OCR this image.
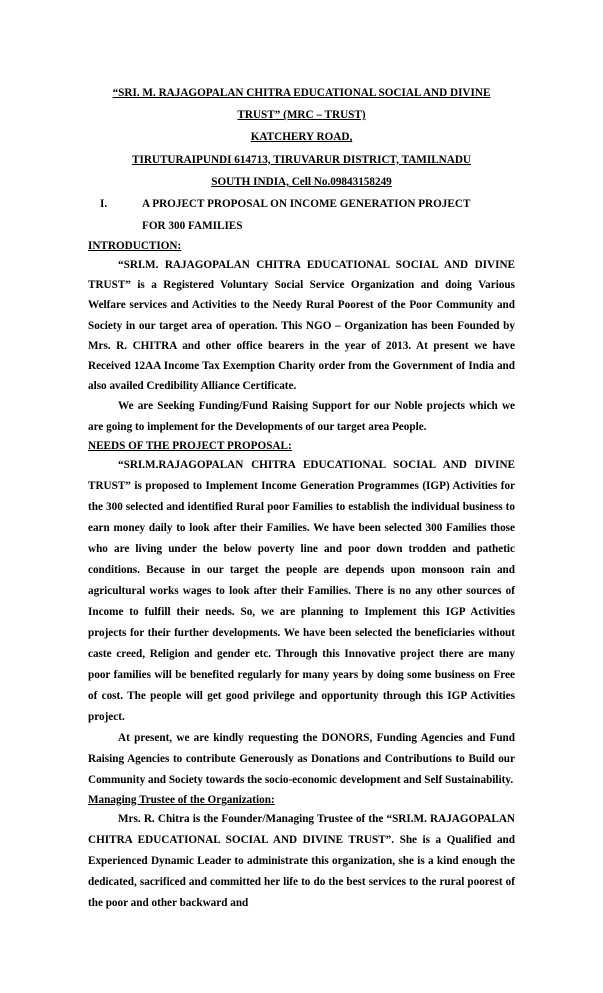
“SRI. M. RAJAGOPALAN CHITRA EDUCATIONAL SOCIAL AND DIVINE
TRUST” (MRC – TRUST)
KATCHERY ROAD,
TIRUTURAIPUNDI 614713, TIRUVARUR DISTRICT, TAMILNADU
SOUTH INDIA, Cell No.09843158249
I.	A PROJECT PROPOSAL ON INCOME GENERATION PROJECT
FOR 300 FAMILIES
INTRODUCTION:

“SRI.M. RAJAGOPALAN CHITRA EDUCATIONAL SOCIAL AND DIVINE TRUST” is a Registered Voluntary Social Service Organization and doing Various Welfare services and Activities to the Needy Rural Poorest of the Poor Community and Society in our target area of operation. This NGO – Organization has been Founded by Mrs. R. CHITRA and other office bearers in the year of 2013. At present we have Received 12AA Income Tax Exemption Charity order from the Government of India and also availed Credibility Alliance Certificate.

We are Seeking Funding/Fund Raising Support for our Noble projects which we are going to implement for the Developments of our target area People.

NEEDS OF THE PROJECT PROPOSAL:

“SRI.M.RAJAGOPALAN CHITRA EDUCATIONAL SOCIAL AND DIVINE TRUST” is proposed to Implement Income Generation Programmes (IGP) Activities for the 300 selected and identified Rural poor Families to establish the individual business to earn money daily to look after their Families. We have been selected 300 Families those who are living under the below poverty line and poor down trodden and pathetic conditions. Because in our target the people are depends upon monsoon rain and agricultural works wages to look after their Families. There is no any other sources of Income to fulfill their needs. So, we are planning to Implement this IGP Activities projects for their further developments. We have been selected the beneficiaries without caste creed, Religion and gender etc. Through this Innovative project there are many poor families will be benefited regularly for many years by doing some business on Free of cost. The people will get good privilege and opportunity through this IGP Activities project.

At present, we are kindly requesting the DONORS, Funding Agencies and Fund Raising Agencies to contribute Generously as Donations and Contributions to Build our Community and Society towards the socio-economic development and Self Sustainability.

Managing Trustee of the Organization:

Mrs. R. Chitra is the Founder/Managing Trustee of the “SRI.M. RAJAGOPALAN CHITRA EDUCATIONAL SOCIAL AND DIVINE TRUST”. She is a Qualified and Experienced Dynamic Leader to administrate this organization, she is a kind enough the dedicated, sacrificed and committed her life to do the best services to the rural poorest of the poor and other backward and
